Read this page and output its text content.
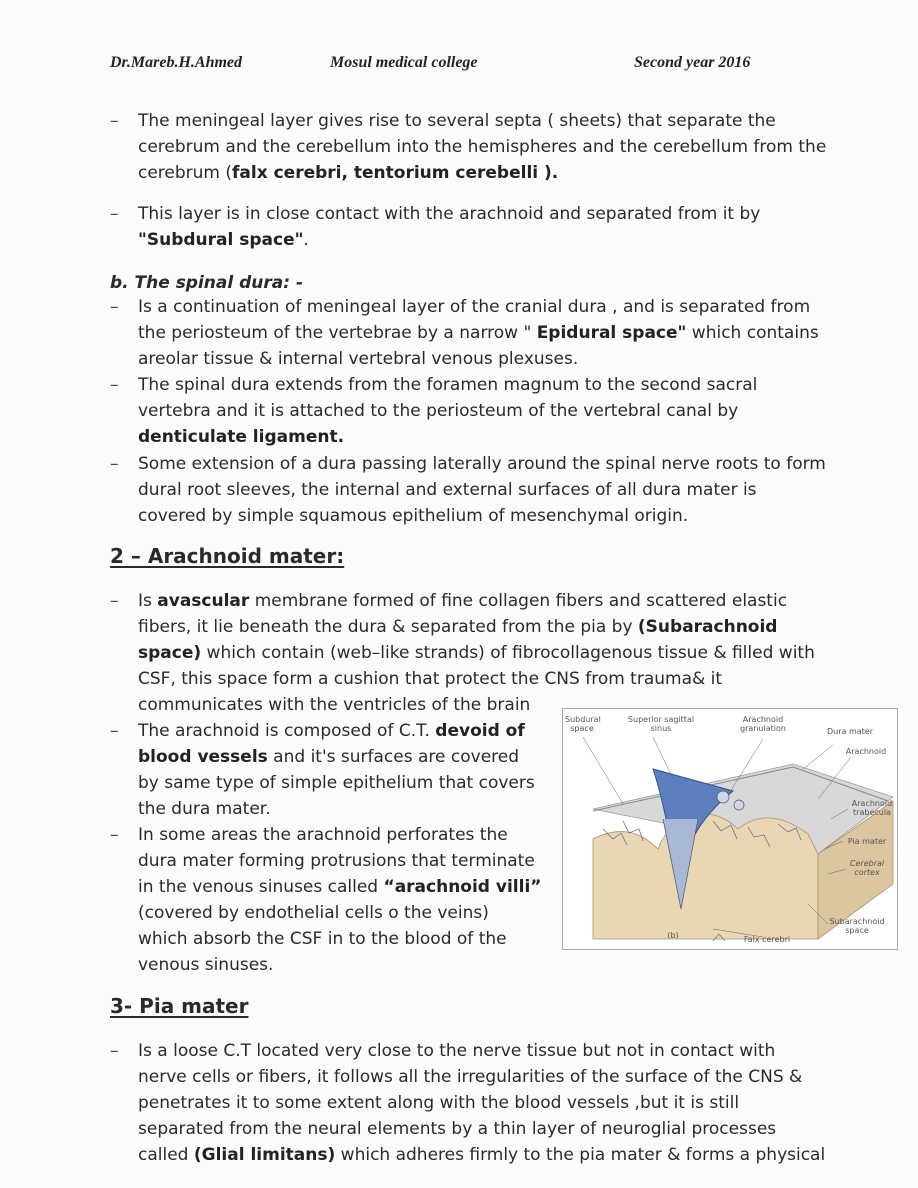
Dr.Mareb.H.Ahmed	Mosul medical college	Second year 2016
– The meningeal layer gives rise to several septa ( sheets) that separate the cerebrum and the cerebellum into the hemispheres and the cerebellum from the cerebrum (falx cerebri, tentorium cerebelli ).
– This layer is in close contact with the arachnoid and separated from it by "Subdural space".
b. The spinal dura: -
– Is a continuation of meningeal layer of the cranial dura , and is separated from the periosteum of the vertebrae by a narrow " Epidural space" which contains areolar tissue & internal vertebral venous plexuses.
– The spinal dura extends from the foramen magnum to the second sacral vertebra and it is attached to the periosteum of the vertebral canal by denticulate ligament.
– Some extension of a dura passing laterally around the spinal nerve roots to form dural root sleeves, the internal and external surfaces of all dura mater is covered by simple squamous epithelium of mesenchymal origin.
2 – Arachnoid mater:
– Is avascular membrane formed of fine collagen fibers and scattered elastic fibers, it lie beneath the dura & separated from the pia by (Subarachnoid space) which contain (web–like strands) of fibrocollagenous tissue & filled with CSF, this space form a cushion that protect the CNS from trauma& it communicates with the ventricles of the brain
– The arachnoid is composed of C.T. devoid of blood vessels and it's surfaces are covered by same type of simple epithelium that covers the dura mater.
– In some areas the arachnoid perforates the dura mater forming protrusions that terminate in the venous sinuses called “arachnoid villi” (covered by endothelial cells o the veins) which absorb the CSF in to the blood of the venous sinuses.
3- Pia mater
– Is a loose C.T located very close to the nerve tissue but not in contact with nerve cells or fibers, it follows all the irregularities of the surface of the CNS & penetrates it to some extent along with the blood vessels ,but it is still separated from the neural elements by a thin layer of neuroglial processes called (Glial limitans) which adheres firmly to the pia mater & forms a physical
Subdural space
Superior sagittal sinus
Arachnoid granulation	Dura mater
Arachnoid
Arachnoid trabecula
Pia mater
Cerebral cortex
Subarachnoid space
Falx cerebri
(b)
